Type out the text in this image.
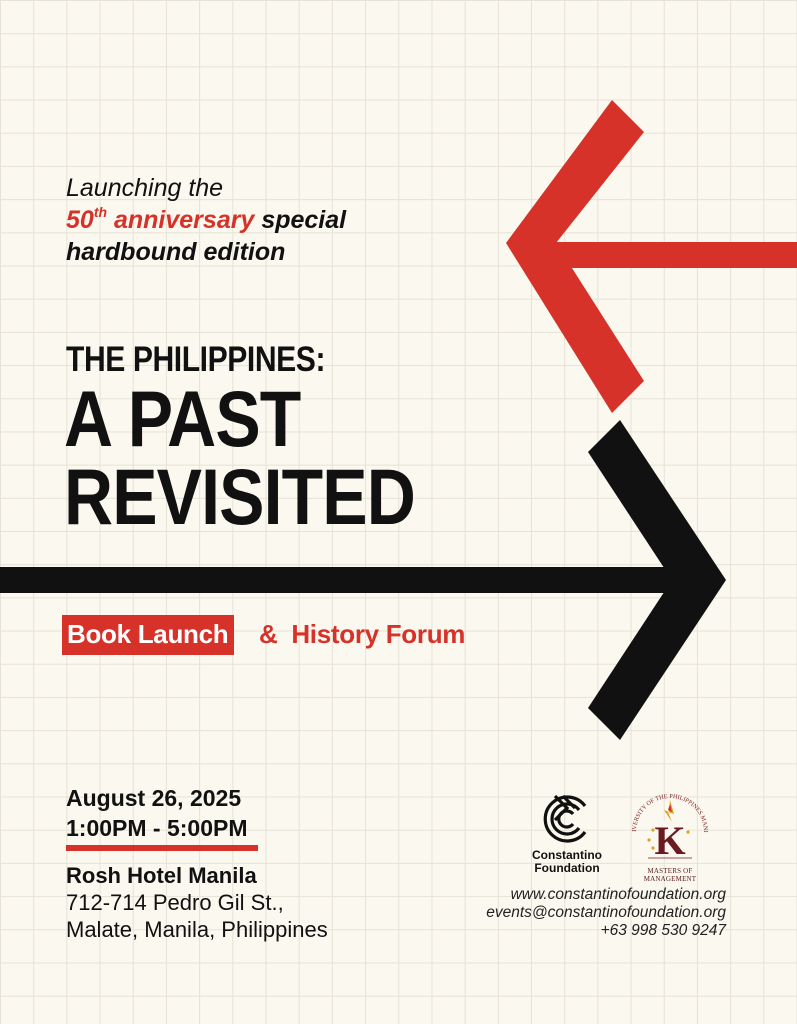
Launching the
50th anniversary special
hardbound edition
THE PHILIPPINES:
A PAST
REVISITED
Book Launch &  History Forum
August 26, 2025
1:00PM - 5:00PM
Rosh Hotel Manila
712-714 Pedro Gil St.,
Malate, Manila, Philippines
Constantino
Foundation
IVERSITY OF THE PHILIPPINES MANI
K
MASTERS OF MANAGEMENT
www.constantinofoundation.org
events@constantinofoundation.org
+63 998 530 9247
